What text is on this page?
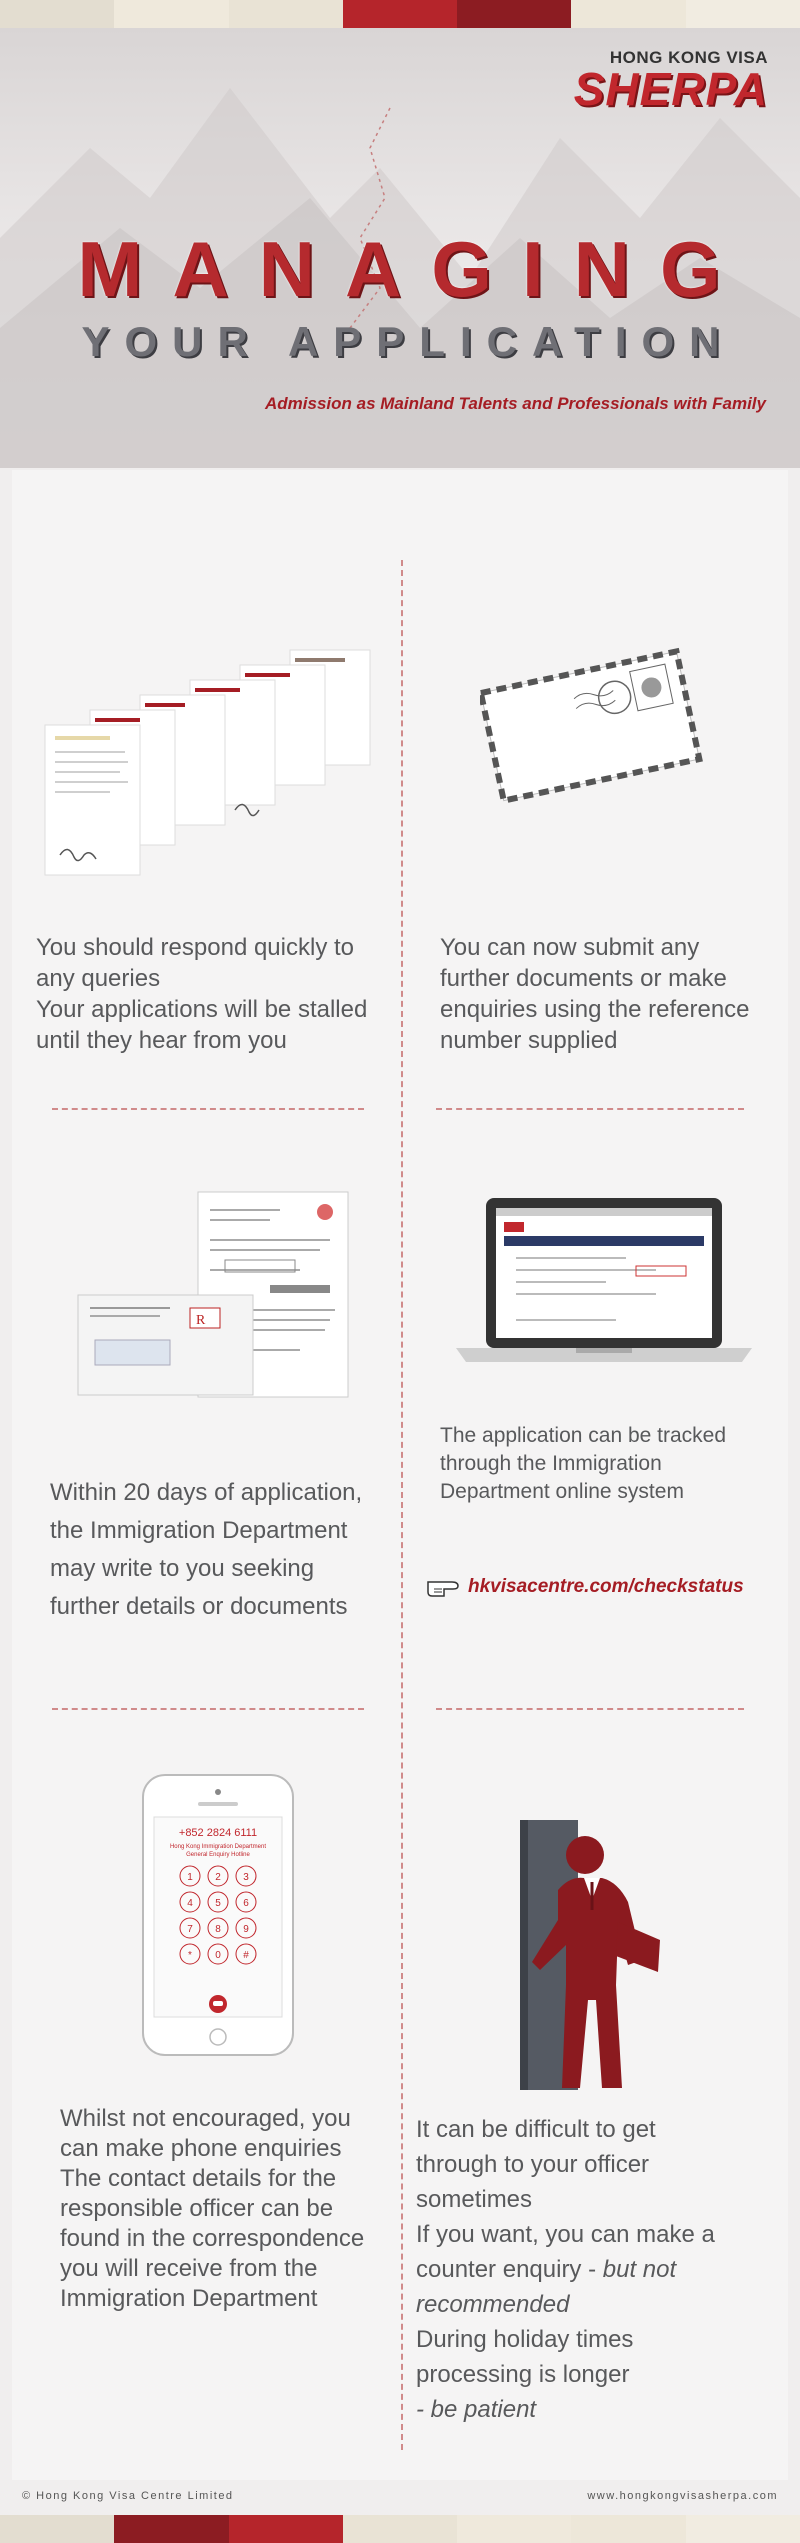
HONG KONG VISA
SHERPA
MANAGING
YOUR APPLICATION
Admission as Mainland Talents and Professionals with Family
You should respond quickly to
any queries
Your applications will be stalled
until they hear from you
You can now submit any
further documents or make
enquiries using the reference
number supplied
R
The application can be tracked
through the Immigration
Department online system
Within 20 days of application,
the Immigration Department
may write to you seeking
further details or documents
hkvisacentre.com/checkstatus
+852 2824 6111
Hong Kong Immigration Department
General Enquiry Hotline
1 2 3
4 5 6
7 8 9
* 0 #
Whilst not encouraged, you
can make phone enquiries
The contact details for the
responsible officer can be
found in the correspondence
you will receive from the
Immigration Department
It can be difficult to get
through to your officer
sometimes
If you want, you can make a
counter enquiry - but not
recommended
During holiday times
processing is longer
- be patient
© Hong Kong Visa Centre Limited	www.hongkongvisasherpa.com
